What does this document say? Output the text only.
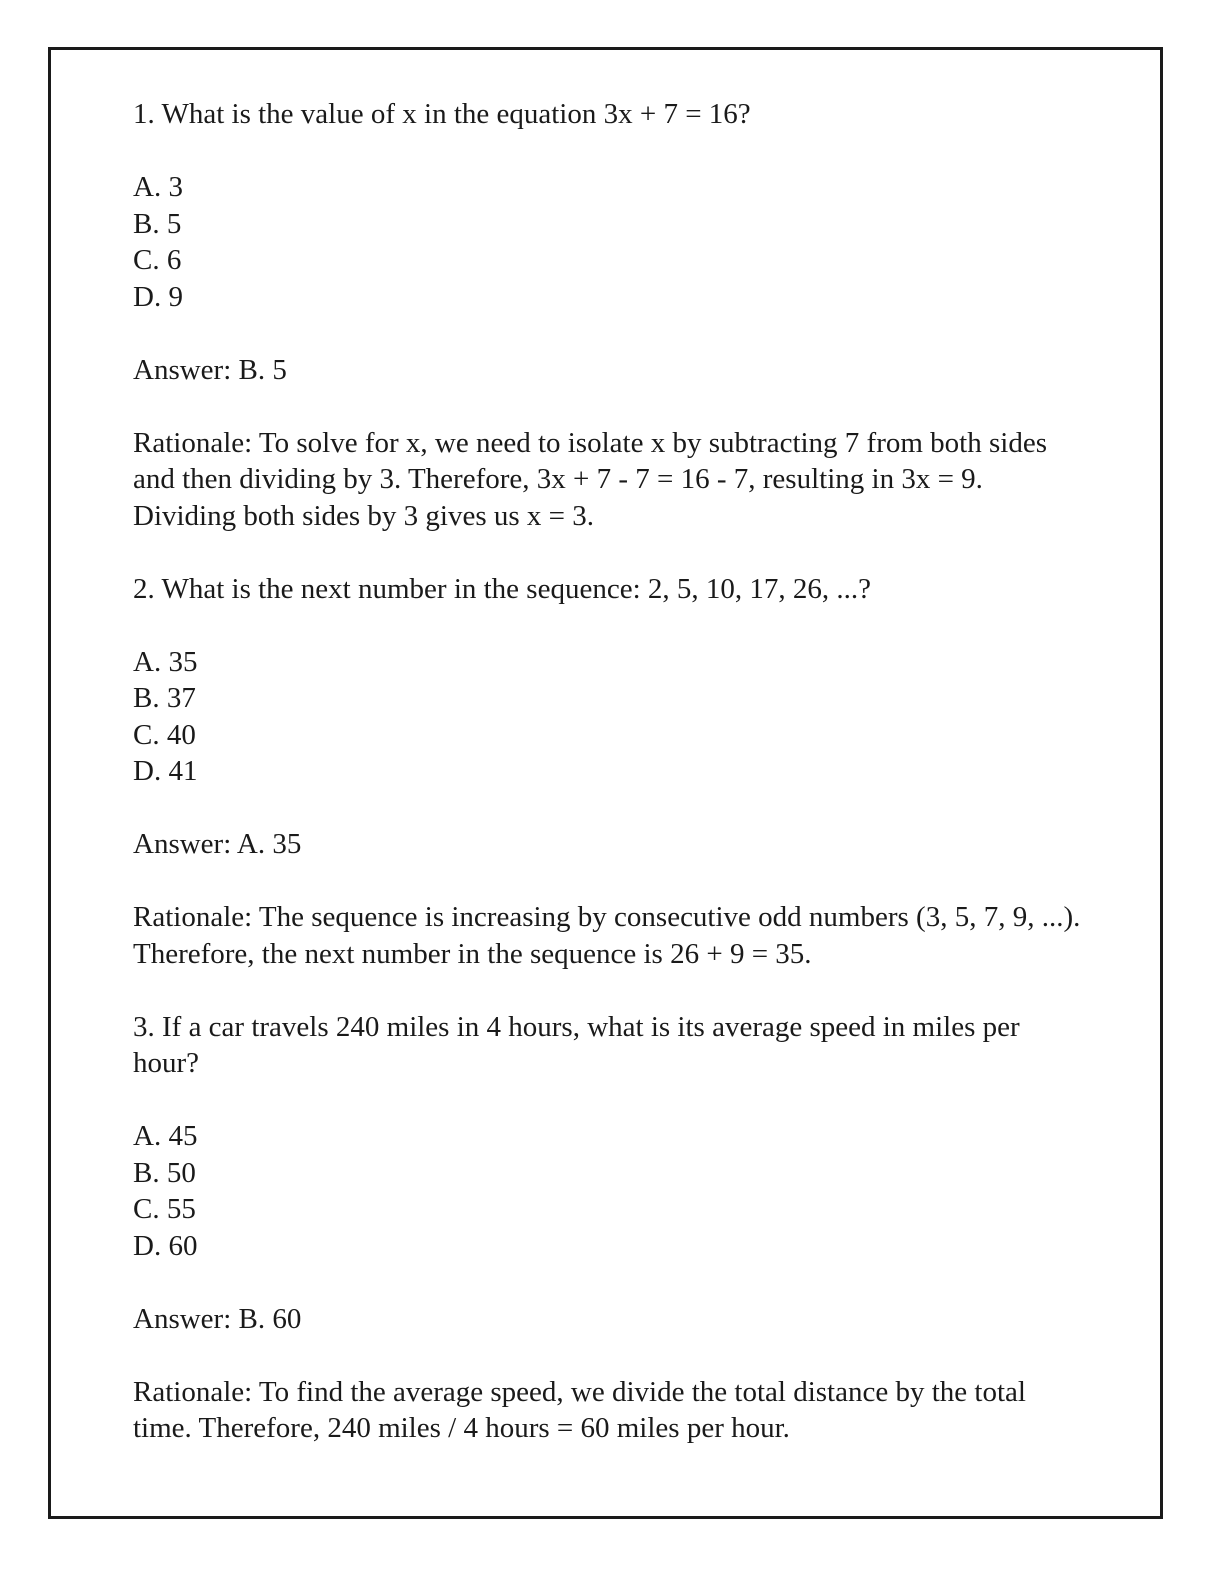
1. What is the value of x in the equation 3x + 7 = 16?

A. 3
B. 5
C. 6
D. 9

Answer: B. 5

Rationale: To solve for x, we need to isolate x by subtracting 7 from both sides and then dividing by 3. Therefore, 3x + 7 - 7 = 16 - 7, resulting in 3x = 9. Dividing both sides by 3 gives us x = 3.

2. What is the next number in the sequence: 2, 5, 10, 17, 26, ...?

A. 35
B. 37
C. 40
D. 41

Answer: A. 35

Rationale: The sequence is increasing by consecutive odd numbers (3, 5, 7, 9, ...). Therefore, the next number in the sequence is 26 + 9 = 35.

3. If a car travels 240 miles in 4 hours, what is its average speed in miles per hour?

A. 45
B. 50
C. 55
D. 60

Answer: B. 60

Rationale: To find the average speed, we divide the total distance by the total time. Therefore, 240 miles / 4 hours = 60 miles per hour.
